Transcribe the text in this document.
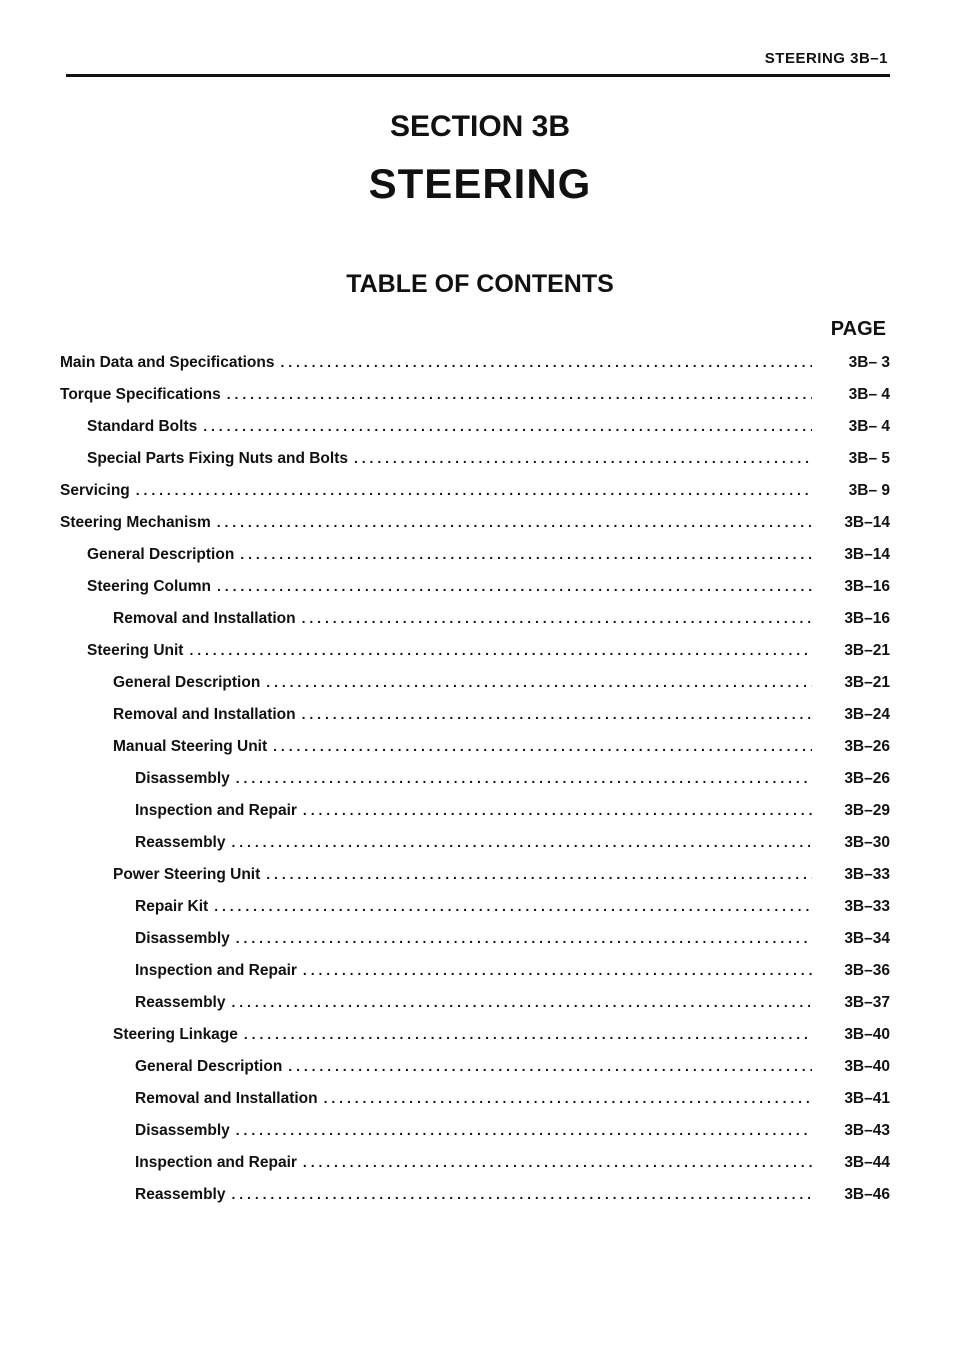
STEERING 3B–1
SECTION 3B
STEERING
TABLE OF CONTENTS
PAGE
Main Data and Specifications . . .	3B– 3
Torque Specifications . . .	3B– 4
Standard Bolts . . .	3B– 4
Special Parts Fixing Nuts and Bolts . . .	3B– 5
Servicing . . .	3B– 9
Steering Mechanism . . .	3B–14
General Description . . .	3B–14
Steering Column . . .	3B–16
Removal and Installation . . .	3B–16
Steering Unit . . .	3B–21
General Description . . .	3B–21
Removal and Installation . . .	3B–24
Manual Steering Unit . . .	3B–26
Disassembly . . .	3B–26
Inspection and Repair . . .	3B–29
Reassembly . . .	3B–30
Power Steering Unit . . .	3B–33
Repair Kit . . .	3B–33
Disassembly . . .	3B–34
Inspection and Repair . . .	3B–36
Reassembly . . .	3B–37
Steering Linkage . . .	3B–40
General Description . . .	3B–40
Removal and Installation . . .	3B–41
Disassembly . . .	3B–43
Inspection and Repair . . .	3B–44
Reassembly . . .	3B–46
